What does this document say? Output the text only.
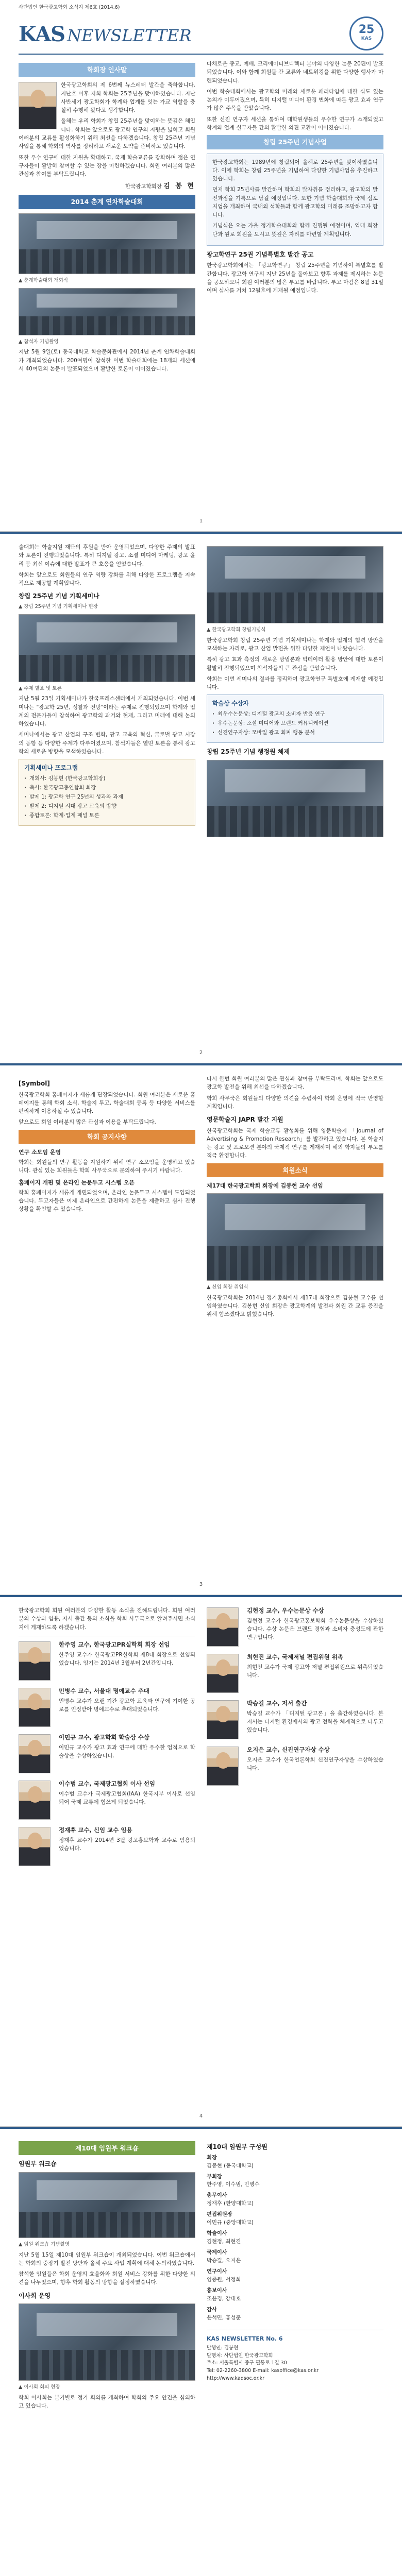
사단법인 한국광고학회 소식지 제6호 (2014.6)
KAS NEWSLETTER	25
KAS
학회장 인사말

한국광고학회의 제 6번째 뉴스레터 발간을 축하합니다. 지난호 이후 저희 학회는 25주년을 맞이하였습니다. 지난 사반세기 광고학회가 학계와 업계를 잇는 가교 역할을 충실히 수행해 왔다고 생각합니다.

올해는 우리 학회가 창립 25주년을 맞이하는 뜻깊은 해입니다. 학회는 앞으로도 광고학 연구의 지평을 넓히고 회원 여러분의 교류를 활성화하기 위해 최선을 다하겠습니다. 창립 25주년 기념사업을 통해 학회의 역사를 정리하고 새로운 도약을 준비하고 있습니다.

또한 우수 연구에 대한 지원을 확대하고, 국제 학술교류를 강화하며 젊은 연구자들이 활발히 참여할 수 있는 장을 마련하겠습니다. 회원 여러분의 많은 관심과 참여를 부탁드립니다.

한국광고학회장 김 봉 현
2014 춘계 연차학술대회
▲ 춘계학술대회 개회식
▲ 참석자 기념촬영

지난 5월 9일(토) 동국대학교 학술문화관에서 2014년 춘계 연차학술대회가 개최되었습니다. 200여명이 참석한 이번 학술대회에는 18개의 세션에서 40여편의 논문이 발표되었으며 활발한 토론이 이어졌습니다.

다채로운 종교, 예배, 크리에이티브디렉터 분야의 다양한 논문 20편이 발표되었습니다. 이와 함께 회원들 간 교류와 네트워킹을 위한 다양한 행사가 마련되었습니다.

이번 학술대회에서는 광고학의 미래와 새로운 패러다임에 대한 심도 있는 논의가 이루어졌으며, 특히 디지털 미디어 환경 변화에 따른 광고 효과 연구가 많은 주목을 받았습니다.

또한 신진 연구자 세션을 통하여 대학원생들의 우수한 연구가 소개되었고 학계와 업계 실무자들 간의 활발한 의견 교환이 이어졌습니다.

창립 25주년 기념사업

한국광고학회는 1989년에 창립되어 올해로 25주년을 맞이하였습니다. 이에 학회는 창립 25주년을 기념하여 다양한 기념사업을 추진하고 있습니다.

먼저 학회 25년사를 발간하여 학회의 발자취를 정리하고, 광고학의 발전과정을 기록으로 남길 예정입니다. 또한 기념 학술대회와 국제 심포지엄을 개최하여 국내외 석학들과 함께 광고학의 미래를 조망하고자 합니다.

기념식은 오는 가을 정기학술대회와 함께 진행될 예정이며, 역대 회장단과 원로 회원을 모시고 뜻깊은 자리를 마련할 계획입니다.

광고학연구 25권 기념특별호 발간 공고

한국광고학회에서는 「광고학연구」 창립 25주년을 기념하여 특별호를 발간합니다. 광고학 연구의 지난 25년을 돌아보고 향후 과제를 제시하는 논문을 공모하오니 회원 여러분의 많은 투고를 바랍니다. 투고 마감은 8월 31일이며 심사를 거쳐 12월호에 게재될 예정입니다.

1

술대회는 학술지원 재단의 후원을 받아 운영되었으며, 다양한 주제의 발표와 토론이 진행되었습니다. 특히 디지털 광고, 소셜 미디어 마케팅, 광고 윤리 등 최신 이슈에 대한 발표가 큰 호응을 얻었습니다.

학회는 앞으로도 회원들의 연구 역량 강화를 위해 다양한 프로그램을 지속적으로 제공할 계획입니다.

창립 25주년 기념 기획세미나
▲ 창립 25주년 기념 기획세미나 현장
▲ 주제 발표 및 토론

지난 5월 23일 기획세미나가 한국프레스센터에서 개최되었습니다. 이번 세미나는 "광고학 25년, 성찰과 전망"이라는 주제로 진행되었으며 학계와 업계의 전문가들이 참석하여 광고학의 과거와 현재, 그리고 미래에 대해 논의하였습니다.

세미나에서는 광고 산업의 구조 변화, 광고 교육의 혁신, 글로벌 광고 시장의 동향 등 다양한 주제가 다루어졌으며, 참석자들은 열띤 토론을 통해 광고학의 새로운 방향을 모색하였습니다.

기획세미나 프로그램
· 개회사: 김봉현 (한국광고학회장)
· 축사: 한국광고총연합회 회장
· 발제 1: 광고학 연구 25년의 성과와 과제
· 발제 2: 디지털 시대 광고 교육의 방향
· 종합토론: 학계·업계 패널 토론
▲ 한국광고학회 창립기념식

한국광고학회 창립 25주년 기념 기획세미나는 학계와 업계의 협력 방안을 모색하는 자리로, 광고 산업 발전을 위한 다양한 제언이 나왔습니다.

특히 광고 효과 측정의 새로운 방법론과 빅데이터 활용 방안에 대한 토론이 활발히 진행되었으며 참석자들의 큰 관심을 받았습니다.

학회는 이번 세미나의 결과를 정리하여 광고학연구 특별호에 게재할 예정입니다.

학술상 수상자
· 최우수논문상: 디지털 광고의 소비자 반응 연구
· 우수논문상: 소셜 미디어와 브랜드 커뮤니케이션
· 신진연구자상: 모바일 광고 회피 행동 분석
창립 25주년 기념 행정원 체제
2
[Symbol]

한국광고학회 홈페이지가 새롭게 단장되었습니다. 회원 여러분은 새로운 홈페이지를 통해 학회 소식, 학술지 투고, 학술대회 등록 등 다양한 서비스를 편리하게 이용하실 수 있습니다.

앞으로도 회원 여러분의 많은 관심과 이용을 부탁드립니다.

학회 공지사항
연구 소모임 운영

학회는 회원들의 연구 활동을 지원하기 위해 연구 소모임을 운영하고 있습니다. 관심 있는 회원들은 학회 사무국으로 문의하여 주시기 바랍니다.

홈페이지 개편 및 온라인 논문투고 시스템 오픈

학회 홈페이지가 새롭게 개편되었으며, 온라인 논문투고 시스템이 도입되었습니다. 투고자들은 이제 온라인으로 간편하게 논문을 제출하고 심사 진행 상황을 확인할 수 있습니다.

다시 한번 회원 여러분의 많은 관심과 참여를 부탁드리며, 학회는 앞으로도 광고학 발전을 위해 최선을 다하겠습니다.

학회 사무국은 회원들의 다양한 의견을 수렴하여 학회 운영에 적극 반영할 계획입니다.

영문학술지 JAPR 발간 지원

한국광고학회는 국제 학술교류 활성화를 위해 영문학술지 「Journal of Advertising & Promotion Research」를 발간하고 있습니다. 본 학술지는 광고 및 프로모션 분야의 국제적 연구를 게재하며 해외 학자들의 투고를 적극 환영합니다.

회원소식
제17대 한국광고학회 회장에 김봉현 교수 선임
▲ 신임 회장 취임식

한국광고학회는 2014년 정기총회에서 제17대 회장으로 김봉현 교수를 선임하였습니다. 김봉현 신임 회장은 광고학계의 발전과 회원 간 교류 증진을 위해 힘쓰겠다고 밝혔습니다.

3

한국광고학회 회원 여러분의 다양한 활동 소식을 전해드립니다. 회원 여러분의 수상과 임용, 저서 출간 등의 소식을 학회 사무국으로 알려주시면 소식지에 게재하도록 하겠습니다.

한주영 교수, 한국광고PR실학회 회장 선임

한주영 교수가 한국광고PR실학회 제8대 회장으로 선임되었습니다. 임기는 2014년 3월부터 2년간입니다.

민병수 교수, 서울대 명예교수 추대

민병수 교수가 오랜 기간 광고학 교육과 연구에 기여한 공로를 인정받아 명예교수로 추대되었습니다.

이민규 교수, 광고학회 학술상 수상

이민규 교수가 광고 효과 연구에 대한 우수한 업적으로 학술상을 수상하였습니다.

이수범 교수, 국제광고협회 이사 선임

이수범 교수가 국제광고협회(IAA) 한국지부 이사로 선임되어 국제 교류에 힘쓰게 되었습니다.

정재후 교수, 신임 교수 임용

정재후 교수가 2014년 3월 광고홍보학과 교수로 임용되었습니다.

김현정 교수, 우수논문상 수상

김현정 교수가 한국광고홍보학회 우수논문상을 수상하였습니다. 수상 논문은 브랜드 경험과 소비자 충성도에 관한 연구입니다.

최현진 교수, 국제저널 편집위원 위촉

최현진 교수가 국제 광고학 저널 편집위원으로 위촉되었습니다.

박승길 교수, 저서 출간

박승길 교수가 「디지털 광고론」을 출간하였습니다. 본 저서는 디지털 환경에서의 광고 전략을 체계적으로 다루고 있습니다.

오지은 교수, 신진연구자상 수상

오지은 교수가 한국언론학회 신진연구자상을 수상하였습니다.

4
제10대 임원부 워크숍
임원부 워크숍
▲ 임원 워크숍 기념촬영

지난 5월 15일 제10대 임원부 워크숍이 개최되었습니다. 이번 워크숍에서는 학회의 중장기 발전 방안과 올해 주요 사업 계획에 대해 논의하였습니다.

참석한 임원들은 학회 운영의 효율화와 회원 서비스 강화를 위한 다양한 의견을 나누었으며, 향후 학회 활동의 방향을 설정하였습니다.

이사회 운영
▲ 이사회 회의 현장

학회 이사회는 분기별로 정기 회의를 개최하여 학회의 주요 안건을 심의하고 있습니다.

제10대 임원부 구성원
회장
김봉현 (동국대학교)
부회장
한주영, 이수범, 민병수
총무이사
정재후 (한양대학교)
편집위원장
이민규 (중앙대학교)
학술이사
김현정, 최현진
국제이사
박승길, 오지은
연구이사
임종원, 서정희
홍보이사
조윤경, 강태호
감사
윤석민, 홍성준
KAS NEWSLETTER No. 6
발행인: 김봉현
발행처: 사단법인 한국광고학회
주소: 서울특별시 중구 필동로 1길 30
Tel: 02-2260-3800 E-mail: kasoffice@kas.or.kr
http://www.kadsoc.or.kr
